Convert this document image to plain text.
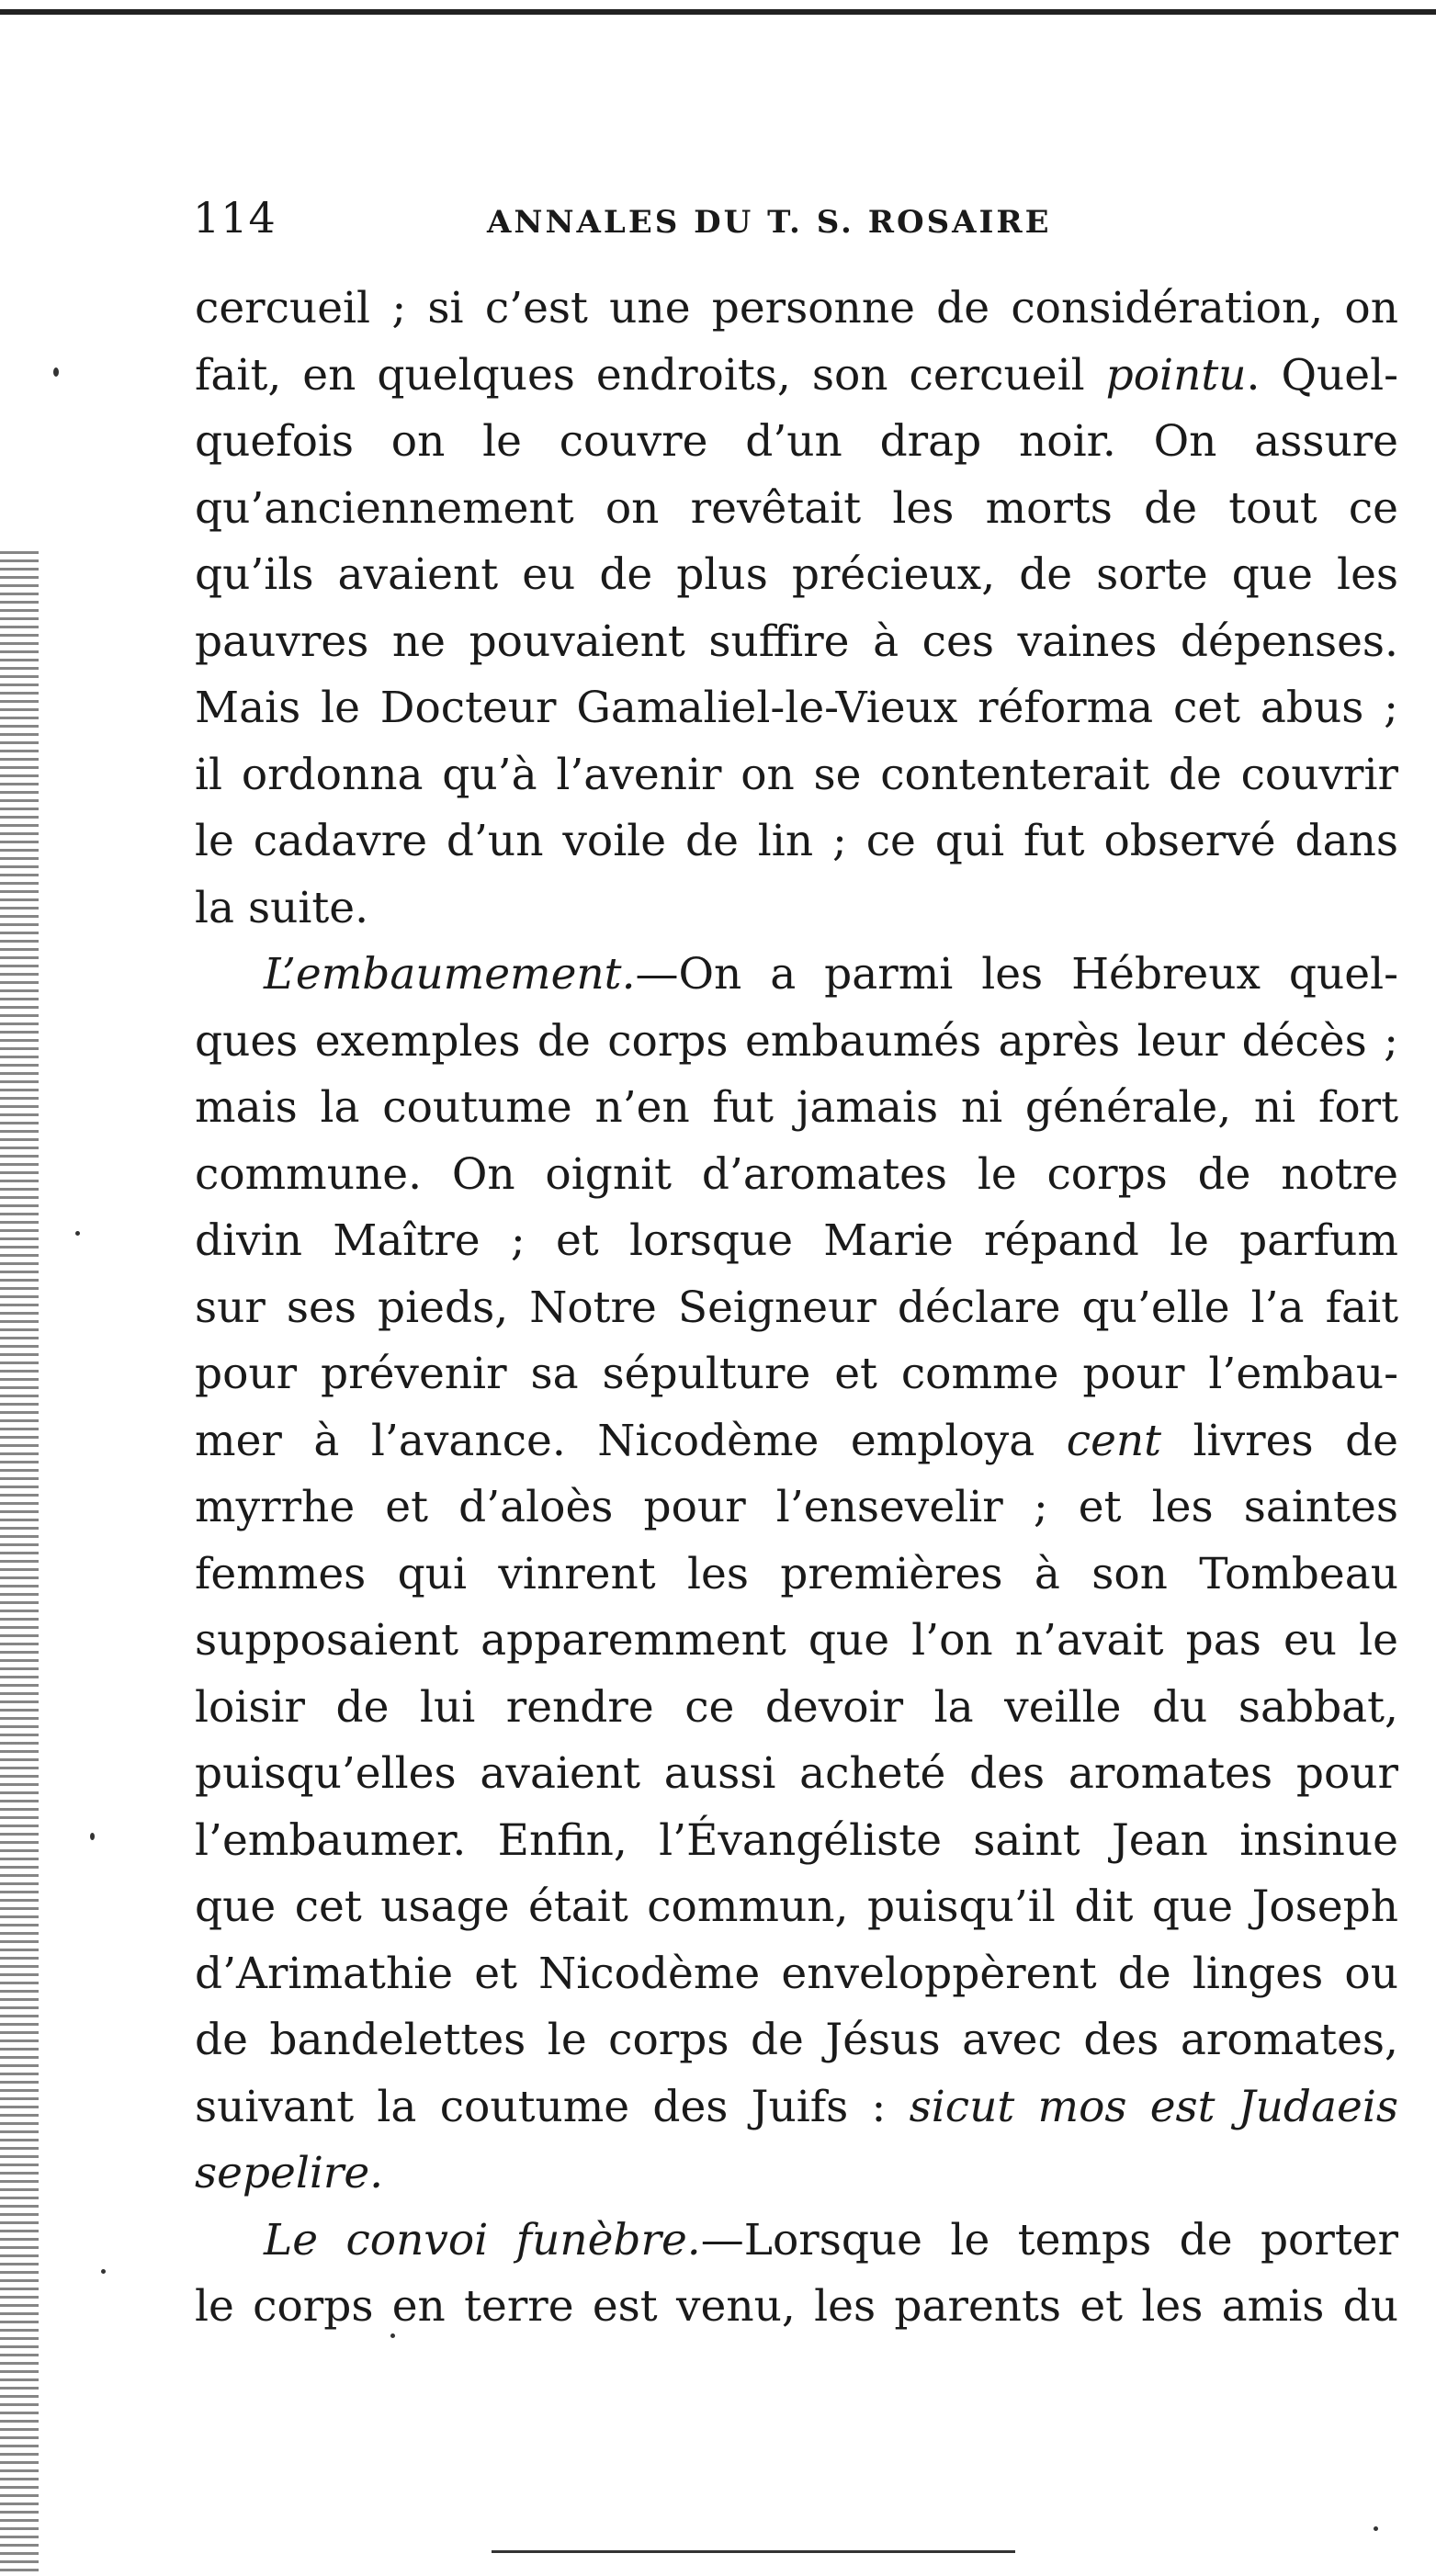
114	ANNALES DU T. S. ROSAIRE
cercueil ; si c’est une personne de considération, on
fait, en quelques endroits, son cercueil pointu. Quel-
quefois on le couvre d’un drap noir. On assure
qu’anciennement on revêtait les morts de tout ce
qu’ils avaient eu de plus précieux, de sorte que les
pauvres ne pouvaient suffire à ces vaines dépenses.
Mais le Docteur Gamaliel-le-Vieux réforma cet abus ;
il ordonna qu’à l’avenir on se contenterait de couvrir
le cadavre d’un voile de lin ; ce qui fut observé dans
la suite.
L’embaumement.—On a parmi les Hébreux quel-
ques exemples de corps embaumés après leur décès ;
mais la coutume n’en fut jamais ni générale, ni fort
commune. On oignit d’aromates le corps de notre
divin Maître ; et lorsque Marie répand le parfum
sur ses pieds, Notre Seigneur déclare qu’elle l’a fait
pour prévenir sa sépulture et comme pour l’embau-
mer à l’avance. Nicodème employa cent livres de
myrrhe et d’aloès pour l’ensevelir ; et les saintes
femmes qui vinrent les premières à son Tombeau
supposaient apparemment que l’on n’avait pas eu le
loisir de lui rendre ce devoir la veille du sabbat,
puisqu’elles avaient aussi acheté des aromates pour
l’embaumer. Enfin, l’Évangéliste saint Jean insinue
que cet usage était commun, puisqu’il dit que Joseph
d’Arimathie et Nicodème enveloppèrent de linges ou
de bandelettes le corps de Jésus avec des aromates,
suivant la coutume des Juifs : sicut mos est Judaeis
sepelire.
Le convoi funèbre.—Lorsque le temps de porter
le corps en terre est venu, les parents et les amis du
